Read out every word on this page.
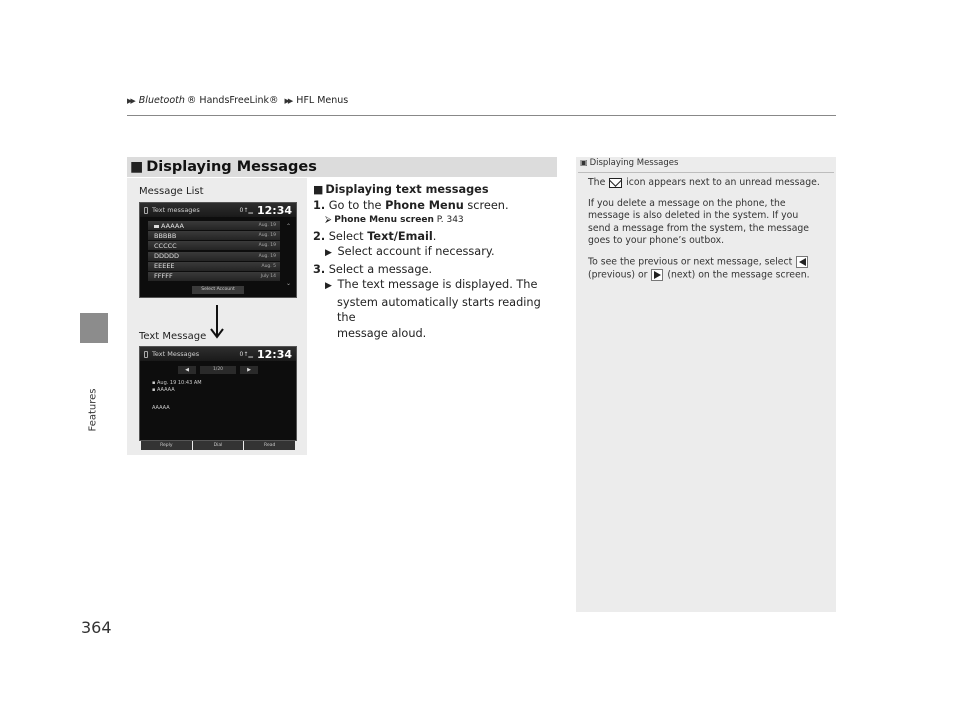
▶▶ Bluetooth ® HandsFreeLink® ▶▶ HFL Menus
Features
364
■ Displaying Messages
Message List
Text messages	0↑▁ 12:34
AAAAA	Aug. 19
BBBBB	Aug. 19
CCCCC	Aug. 19
DDDDD	Aug. 19
EEEEE	Aug. 5
FFFFF	July 14
⌃
⌄
Select Account
Text Message
Text Messages	0↑▁ 12:34
◀	1/20	▶
▪ Aug. 19 10:43 AM
▪ AAAAA
AAAAA
Reply	Dial	Read
■ Displaying text messages
1. Go to the Phone Menu screen.
⮚ Phone Menu screen P. 343
2. Select Text/Email.
▶ Select account if necessary.
3. Select a message.
▶ The text message is displayed. The
system automatically starts reading the
message aloud.
▣ Displaying Messages

The  icon appears next to an unread message.

If you delete a message on the phone, the message is also deleted in the system. If you send a message from the system, the message goes to your phone’s outbox.

To see the previous or next message, select
(previous) or  (next) on the message screen.
